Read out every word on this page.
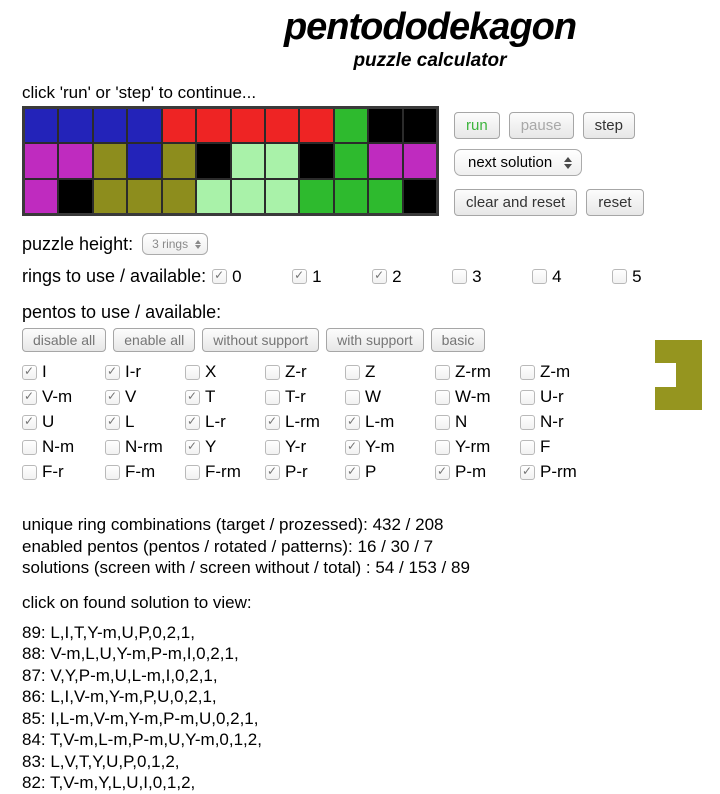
pentododekagon
puzzle calculator
click 'run' or 'step' to continue...
run	pause	step
next solution
clear and reset	reset
puzzle height: 3 rings
rings to use / available: ✓ 0 ✓	1 ✓	2	3	4	5
pentos to use / available:
disable all	enable all	without support	with support	basic
✓
I ✓	I-r	X	Z-r	Z	Z-rm	Z-m
✓
V-m ✓	V ✓	T	T-r	W	W-m	U-r
✓
U ✓	L ✓	L-r ✓	L-rm ✓	L-m	N	N-r
N-m	N-rm ✓ Y	Y-r ✓	Y-m	Y-rm	F
F-r	F-m	F-rm ✓	P-r ✓	P ✓	P-m ✓	P-rm
unique ring combinations (target / prozessed): 432 / 208
enabled pentos (pentos / rotated / patterns): 16 / 30 / 7
solutions (screen with / screen without / total) : 54 / 153 / 89
click on found solution to view:
89: L,I,T,Y-m,U,P,0,2,1,
88: V-m,L,U,Y-m,P-m,I,0,2,1,
87: V,Y,P-m,U,L-m,I,0,2,1,
86: L,I,V-m,Y-m,P,U,0,2,1,
85: I,L-m,V-m,Y-m,P-m,U,0,2,1,
84: T,V-m,L-m,P-m,U,Y-m,0,1,2,
83: L,V,T,Y,U,P,0,1,2,
82: T,V-m,Y,L,U,I,0,1,2,
